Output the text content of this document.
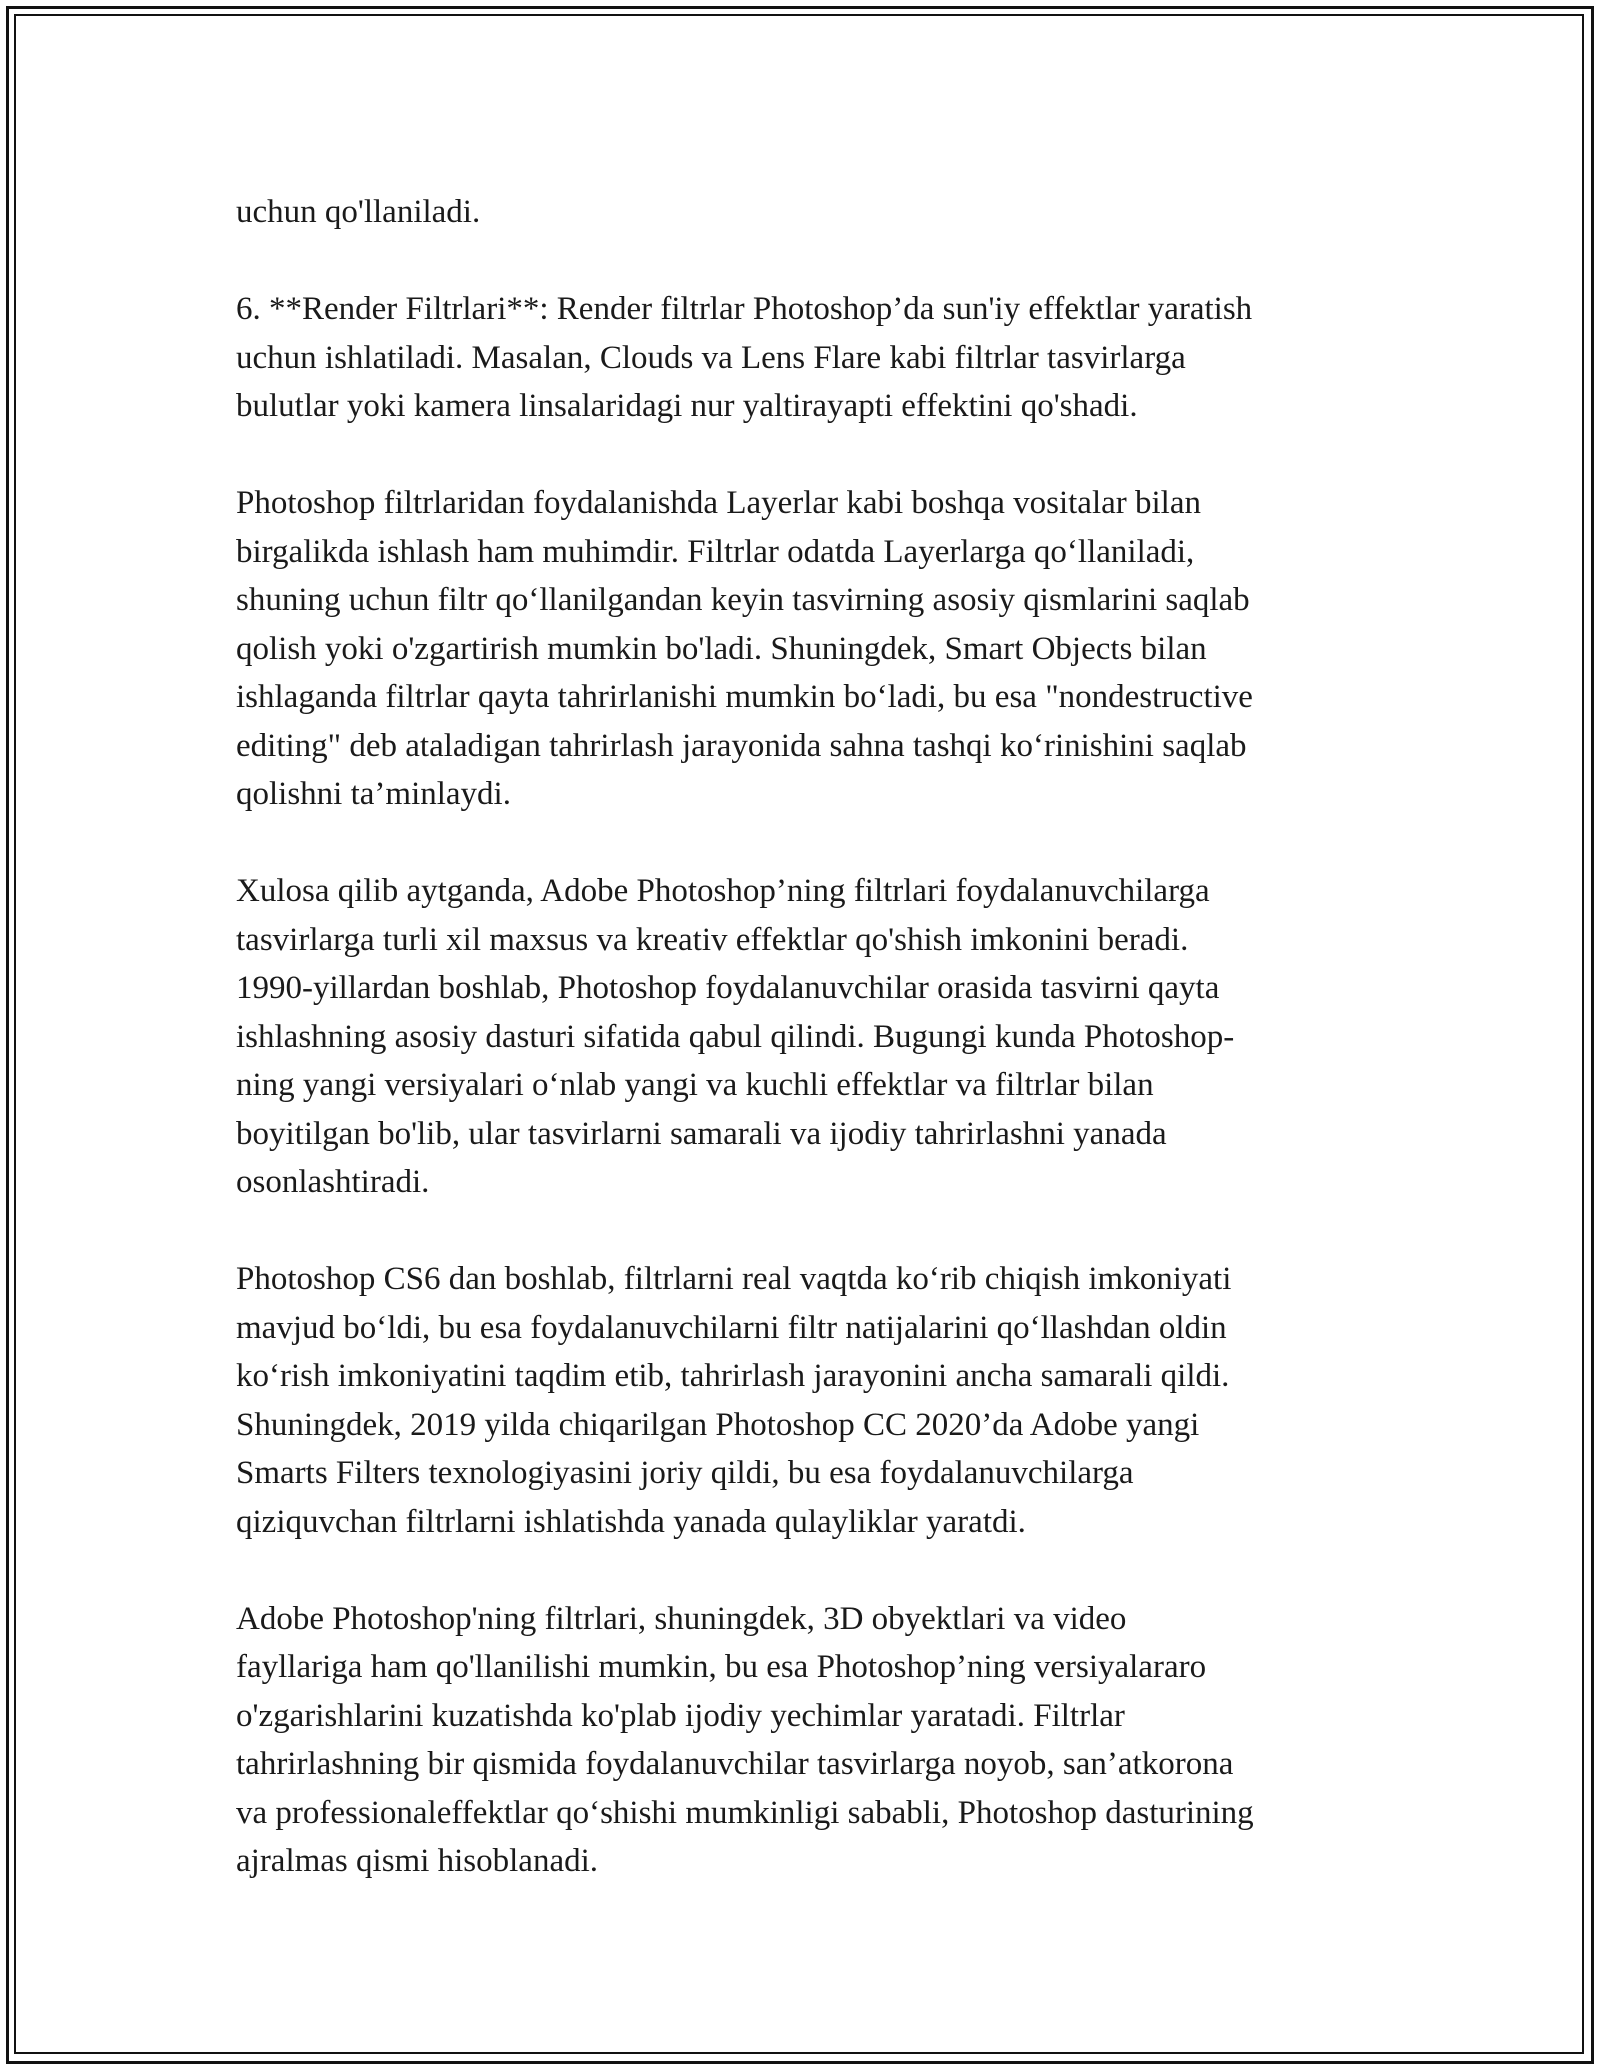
uchun qo'llaniladi.
6. **Render Filtrlari**: Render filtrlar Photoshop’da sun'iy effektlar yaratish
uchun ishlatiladi. Masalan, Clouds va Lens Flare kabi filtrlar tasvirlarga
bulutlar yoki kamera linsalaridagi nur yaltirayapti effektini qo'shadi.
Photoshop filtrlaridan foydalanishda Layerlar kabi boshqa vositalar bilan
birgalikda ishlash ham muhimdir. Filtrlar odatda Layerlarga qo‘llaniladi,
shuning uchun filtr qo‘llanilgandan keyin tasvirning asosiy qismlarini saqlab
qolish yoki o'zgartirish mumkin bo'ladi. Shuningdek, Smart Objects bilan
ishlaganda filtrlar qayta tahrirlanishi mumkin bo‘ladi, bu esa "nondestructive
editing" deb ataladigan tahrirlash jarayonida sahna tashqi ko‘rinishini saqlab
qolishni ta’minlaydi.
Xulosa qilib aytganda, Adobe Photoshop’ning filtrlari foydalanuvchilarga
tasvirlarga turli xil maxsus va kreativ effektlar qo'shish imkonini beradi.
1990-yillardan boshlab, Photoshop foydalanuvchilar orasida tasvirni qayta
ishlashning asosiy dasturi sifatida qabul qilindi. Bugungi kunda Photoshop-
ning yangi versiyalari o‘nlab yangi va kuchli effektlar va filtrlar bilan
boyitilgan bo'lib, ular tasvirlarni samarali va ijodiy tahrirlashni yanada
osonlashtiradi.
Photoshop CS6 dan boshlab, filtrlarni real vaqtda ko‘rib chiqish imkoniyati
mavjud bo‘ldi, bu esa foydalanuvchilarni filtr natijalarini qo‘llashdan oldin
ko‘rish imkoniyatini taqdim etib, tahrirlash jarayonini ancha samarali qildi.
Shuningdek, 2019 yilda chiqarilgan Photoshop CC 2020’da Adobe yangi
Smarts Filters texnologiyasini joriy qildi, bu esa foydalanuvchilarga
qiziquvchan filtrlarni ishlatishda yanada qulayliklar yaratdi.
Adobe Photoshop'ning filtrlari, shuningdek, 3D obyektlari va video
fayllariga ham qo'llanilishi mumkin, bu esa Photoshop’ning versiyalararo
o'zgarishlarini kuzatishda ko'plab ijodiy yechimlar yaratadi. Filtrlar
tahrirlashning bir qismida foydalanuvchilar tasvirlarga noyob, san’atkorona
va professionaleffektlar qo‘shishi mumkinligi sababli, Photoshop dasturining
ajralmas qismi hisoblanadi.
